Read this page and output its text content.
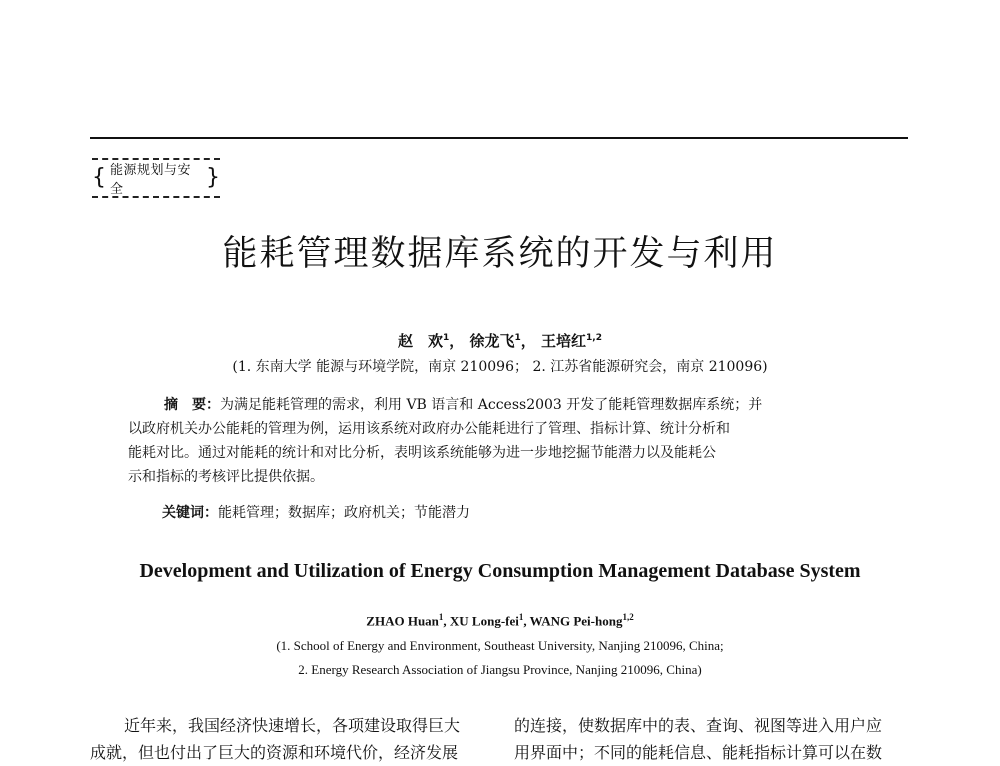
{ 能源规划与安全	}
能耗管理数据库系统的开发与利用
赵　欢$^1$， 徐龙飞$^1$， 王培红$^{1,2}$
(1. 东南大学 能源与环境学院，南京 210096； 2. 江苏省能源研究会，南京 210096)
摘　要：为满足能耗管理的需求，利用 VB 语言和 Access2003 开发了能耗管理数据库系统；并
以政府机关办公能耗的管理为例，运用该系统对政府办公能耗进行了管理、指标计算、统计分析和
能耗对比。通过对能耗的统计和对比分析，表明该系统能够为进一步地挖掘节能潜力以及能耗公
示和指标的考核评比提供依据。
关键词：能耗管理；数据库；政府机关；节能潜力
Development and Utilization of Energy Consumption Management Database System
ZHAO Huan$^1$, XU Long-fei$^1$, WANG Pei-hong$^{1,2}$
(1. School of Energy and Environment, Southeast University, Nanjing 210096, China;
2. Energy Research Association of Jiangsu Province, Nanjing 210096, China)
近年来，我国经济快速增长，各项建设取得巨大
成就，但也付出了巨大的资源和环境代价，经济发展
的连接，使数据库中的表、查询、视图等进入用户应
用界面中；不同的能耗信息、能耗指标计算可以在数
